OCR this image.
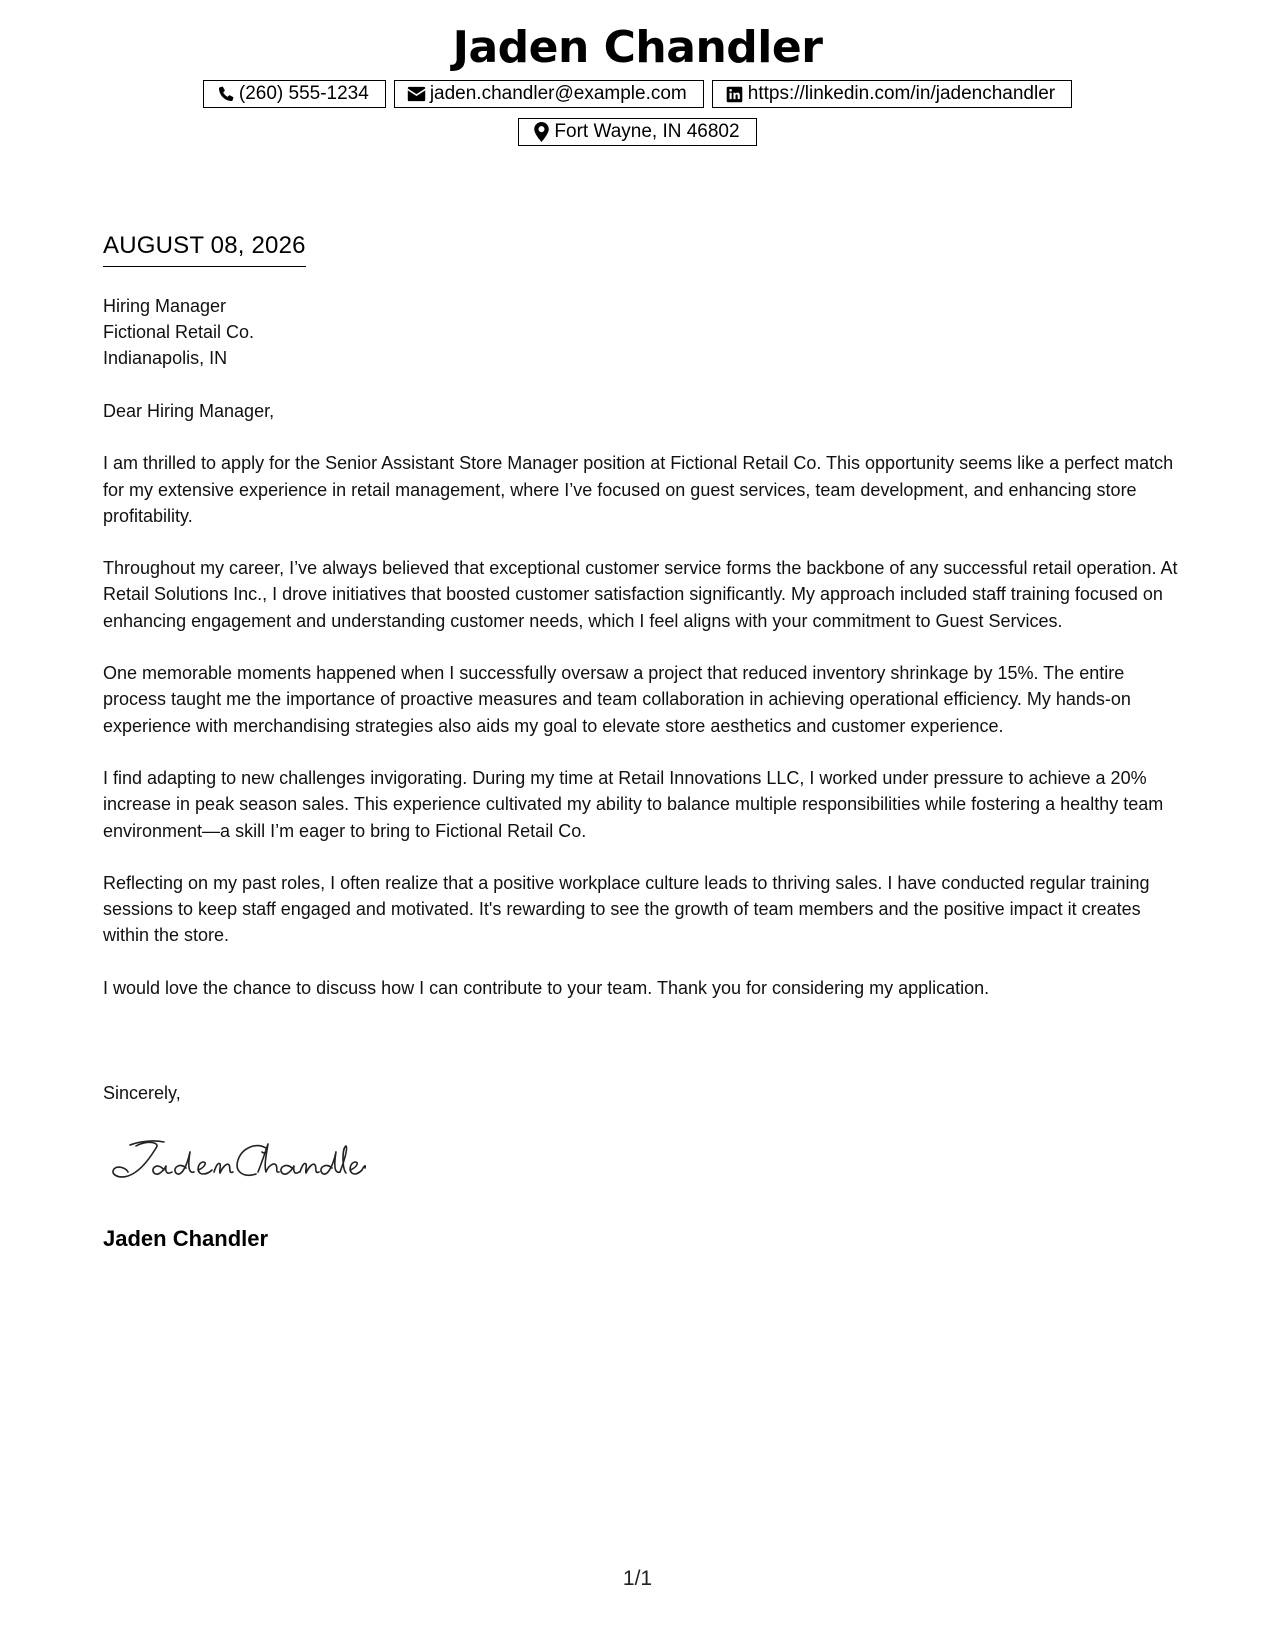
Jaden Chandler
(260) 555-1234	jaden.chandler@example.com	https://linkedin.com/in/jadenchandler
Fort Wayne, IN 46802
AUGUST 08, 2026
Hiring Manager
Fictional Retail Co.
Indianapolis, IN

Dear Hiring Manager,

I am thrilled to apply for the Senior Assistant Store Manager position at Fictional Retail Co. This opportunity seems like a perfect match for my extensive experience in retail management, where I’ve focused on guest services, team development, and enhancing store profitability.

Throughout my career, I’ve always believed that exceptional customer service forms the backbone of any successful retail operation. At Retail Solutions Inc., I drove initiatives that boosted customer satisfaction significantly. My approach included staff training focused on enhancing engagement and understanding customer needs, which I feel aligns with your commitment to Guest Services.

One memorable moments happened when I successfully oversaw a project that reduced inventory shrinkage by 15%. The entire process taught me the importance of proactive measures and team collaboration in achieving operational efficiency. My hands-on experience with merchandising strategies also aids my goal to elevate store aesthetics and customer experience.

I find adapting to new challenges invigorating. During my time at Retail Innovations LLC, I worked under pressure to achieve a 20% increase in peak season sales. This experience cultivated my ability to balance multiple responsibilities while fostering a healthy team environment—a skill I’m eager to bring to Fictional Retail Co.

Reflecting on my past roles, I often realize that a positive workplace culture leads to thriving sales. I have conducted regular training sessions to keep staff engaged and motivated. It's rewarding to see the growth of team members and the positive impact it creates within the store.

I would love the chance to discuss how I can contribute to your team. Thank you for considering my application.

Sincerely,
Jaden Chandler
1/1
